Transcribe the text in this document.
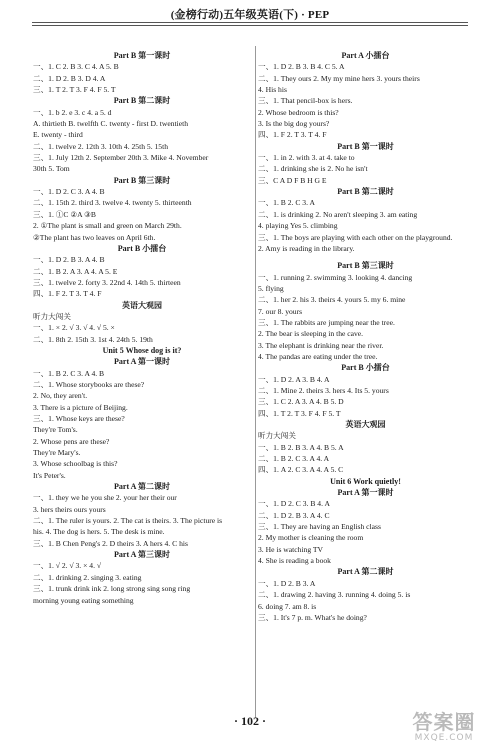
(金榜行动)五年级英语(下) · PEP
Part B 第一课时
一、1. C 2. B 3. C 4. A 5. B
二、1. D 2. B 3. D 4. A
三、1. T 2. T 3. F 4. F 5. T
Part B 第二课时
一、1. b 2. e 3. c 4. a 5. d
A. thirtieth B. twelfth C. twenty - first D. twentieth
E. twenty - third
二、1. twelve 2. 12th 3. 10th 4. 25th 5. 15th
三、1. July 12th 2. September 20th 3. Mike 4. November
30th 5. Tom
Part B 第三课时
一、1. D 2. C 3. A 4. B
二、1. 15th 2. third 3. twelve 4. twenty 5. thirteenth
三、1. ①C ②A ③B
2. ①The plant is small and green on March 29th.
②The plant has two leaves on April 6th.
Part B 小擂台
一、1. D 2. B 3. A 4. B
二、1. B 2. A 3. A 4. A 5. E
三、1. twelve 2. forty 3. 22nd 4. 14th 5. thirteen
四、1. F 2. T 3. T 4. F
英语大观园
听力大闯关
一、1. × 2. √ 3. √ 4. √ 5. ×
二、1. 8th 2. 15th 3. 1st 4. 24th 5. 19th
Unit 5 Whose dog is it?
Part A 第一课时
一、1. B 2. C 3. A 4. B
二、1. Whose storybooks are these?
2. No, they aren't.
3. There is a picture of Beijing.
三、1. Whose keys are these?
They're Tom's.
2. Whose pens are these?
They're Mary's.
3. Whose schoolbag is this?
It's Peter's.
Part A 第二课时
一、1. they we he you she 2. your her their our
3. hers theirs ours yours
二、1. The ruler is yours. 2. The cat is theirs. 3. The picture is
his. 4. The dog is hers. 5. The desk is mine.
三、1. B Chen Peng's 2. D theirs 3. A hers 4. C his
Part A 第三课时
一、1. √ 2. √ 3. × 4. √
二、1. drinking 2. singing 3. eating
三、1. trunk drink ink 2. long strong sing song ring
morning young eating something
Part A 小擂台
一、1. D 2. B 3. B 4. C 5. A
二、1. They ours 2. My my mine hers 3. yours theirs
4. His his
三、1. That pencil-box is hers.
2. Whose bedroom is this?
3. Is the big dog yours?
四、1. F 2. T 3. T 4. F
Part B 第一课时
一、1. in 2. with 3. at 4. take to
二、1. drinking she is 2. No he isn't
三、C A D F B H G E
Part B 第二课时
一、1. B 2. C 3. A
二、1. is drinking 2. No aren't sleeping 3. am eating
4. playing Yes 5. climbing
三、1. The boys are playing with each other on the playground.
2. Amy is reading in the library.
Part B 第三课时
一、1. running 2. swimming 3. looking 4. dancing
5. flying
二、1. her 2. his 3. theirs 4. yours 5. my 6. mine
7. our 8. yours
三、1. The rabbits are jumping near the tree.
2. The bear is sleeping in the cave.
3. The elephant is drinking near the river.
4. The pandas are eating under the tree.
Part B 小擂台
一、1. D 2. A 3. B 4. A
二、1. Mine 2. theirs 3. hers 4. Its 5. yours
三、1. C 2. A 3. A 4. B 5. D
四、1. T 2. T 3. F 4. F 5. T
英语大观园
听力大闯关
一、1. B 2. B 3. A 4. B 5. A
二、1. B 2. C 3. A 4. A
四、1. A 2. C 3. A 4. A 5. C
Unit 6 Work quietly!
Part A 第一课时
一、1. D 2. C 3. B 4. A
二、1. D 2. B 3. A 4. C
三、1. They are having an English class
2. My mother is cleaning the room
3. He is watching TV
4. She is reading a book
Part A 第二课时
一、1. D 2. B 3. A
二、1. drawing 2. having 3. running 4. doing 5. is
6. doing 7. am 8. is
三、1. It's 7 p. m. What's he doing?
· 102 ·	答案圈
MXQE.COM
